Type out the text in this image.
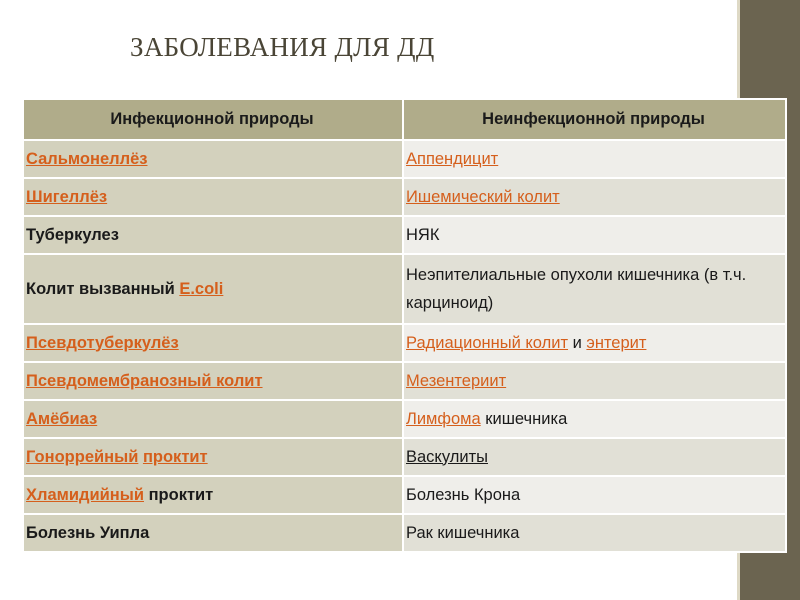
ЗАБОЛЕВАНИЯ ДЛЯ ДД
Инфекционной природы	Неинфекционной природы
Сальмонеллёз	Аппендицит
Шигеллёз	Ишемический колит
Туберкулез	НЯК
Колит вызванный E.coli	Неэпителиальные опухоли кишечника (в т.ч. карциноид)
Псевдотуберкулёз	Радиационный колит и энтерит
Псевдомембранозный колит	Мезентериит
Амёбиаз	Лимфома кишечника
Гоноррейный проктит	Васкулиты
Хламидийный проктит	Болезнь Крона
Болезнь Уипла	Рак кишечника
